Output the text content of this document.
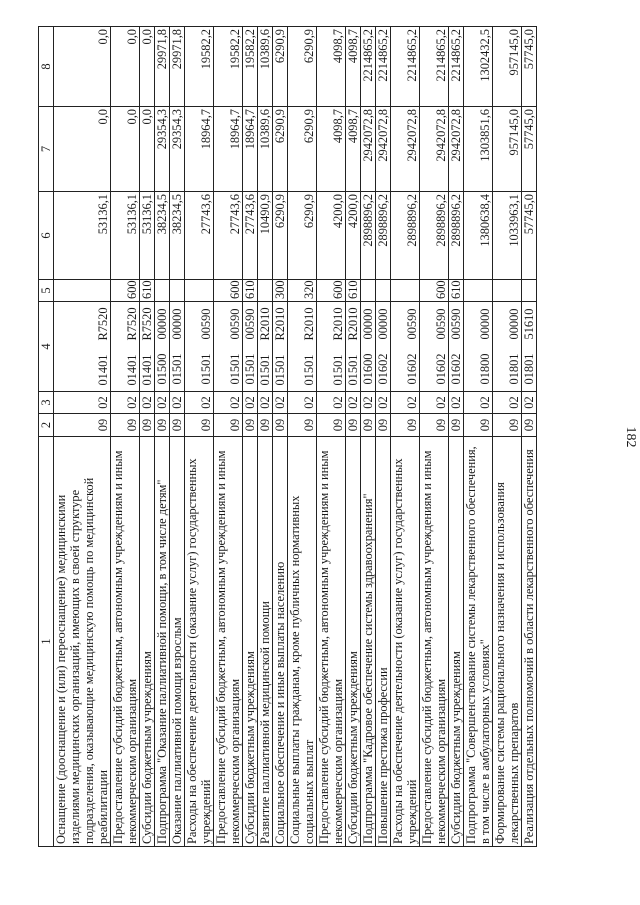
1	2	3	4	5	6	7	8
Оснащение (дооснащение и (или) переоснащение) медицинскими изделиями медицинских организаций, имеющих в своей структуре подразделения, оказывающие медицинскую помощь по медицинской реабилитации	09	02	01401R7520		53136,1	0,0	0,0
Предоставление субсидий бюджетным, автономным учреждениям и иным некоммерческим организациям	09	02	01401R7520	600	53136,1	0,0	0,0
Субсидии бюджетным учреждениям	09	02	01401R7520	610	53136,1	0,0	0,0
Подпрограмма "Оказание паллиативной помощи, в том числе детям"	09	02	0150000000		38234,5	29354,3	29971,8
Оказание паллиативной помощи взрослым	09	02	0150100000		38234,5	29354,3	29971,8
Расходы на обеспечение деятельности (оказание услуг) государственных учреждений	09	02	0150100590		27743,6	18964,7	19582,2
Предоставление субсидий бюджетным, автономным учреждениям и иным некоммерческим организациям	09	02	0150100590	600	27743,6	18964,7	19582,2
Субсидии бюджетным учреждениям	09	02	0150100590	610	27743,6	18964,7	19582,2
Развитие паллиативной медицинской помощи	09	02	01501R2010		10490,9	10389,6	10389,6
Социальное обеспечение и иные выплаты населению	09	02	01501R2010	300	6290,9	6290,9	6290,9
Социальные выплаты гражданам, кроме публичных нормативных социальных выплат	09	02	01501R2010	320	6290,9	6290,9	6290,9
Предоставление субсидий бюджетным, автономным учреждениям и иным некоммерческим организациям	09	02	01501R2010	600	4200,0	4098,7	4098,7
Субсидии бюджетным учреждениям	09	02	01501R2010	610	4200,0	4098,7	4098,7
Подпрограмма "Кадровое обеспечение системы здравоохранения"	09	02	0160000000		2898896,2	2942072,8	2214865,2
Повышение престижа профессии	09	02	0160200000		2898896,2	2942072,8	2214865,2
Расходы на обеспечение деятельности (оказание услуг) государственных учреждений	09	02	0160200590		2898896,2	2942072,8	2214865,2
Предоставление субсидий бюджетным, автономным учреждениям и иным некоммерческим организациям	09	02	0160200590	600	2898896,2	2942072,8	2214865,2
Субсидии бюджетным учреждениям	09	02	0160200590	610	2898896,2	2942072,8	2214865,2
Подпрограмма "Совершенствование системы лекарственного обеспечения, в том числе в амбулаторных условиях"	09	02	0180000000		1380638,4	1303851,6	1302432,5
Формирование системы рационального назначения и использования лекарственных препаратов	09	02	0180100000		1033963,1	957145,0	957145,0
Реализация отдельных полномочий в области лекарственного обеспечения	09	02	0180151610		57745,0	57745,0	57745,0
182
